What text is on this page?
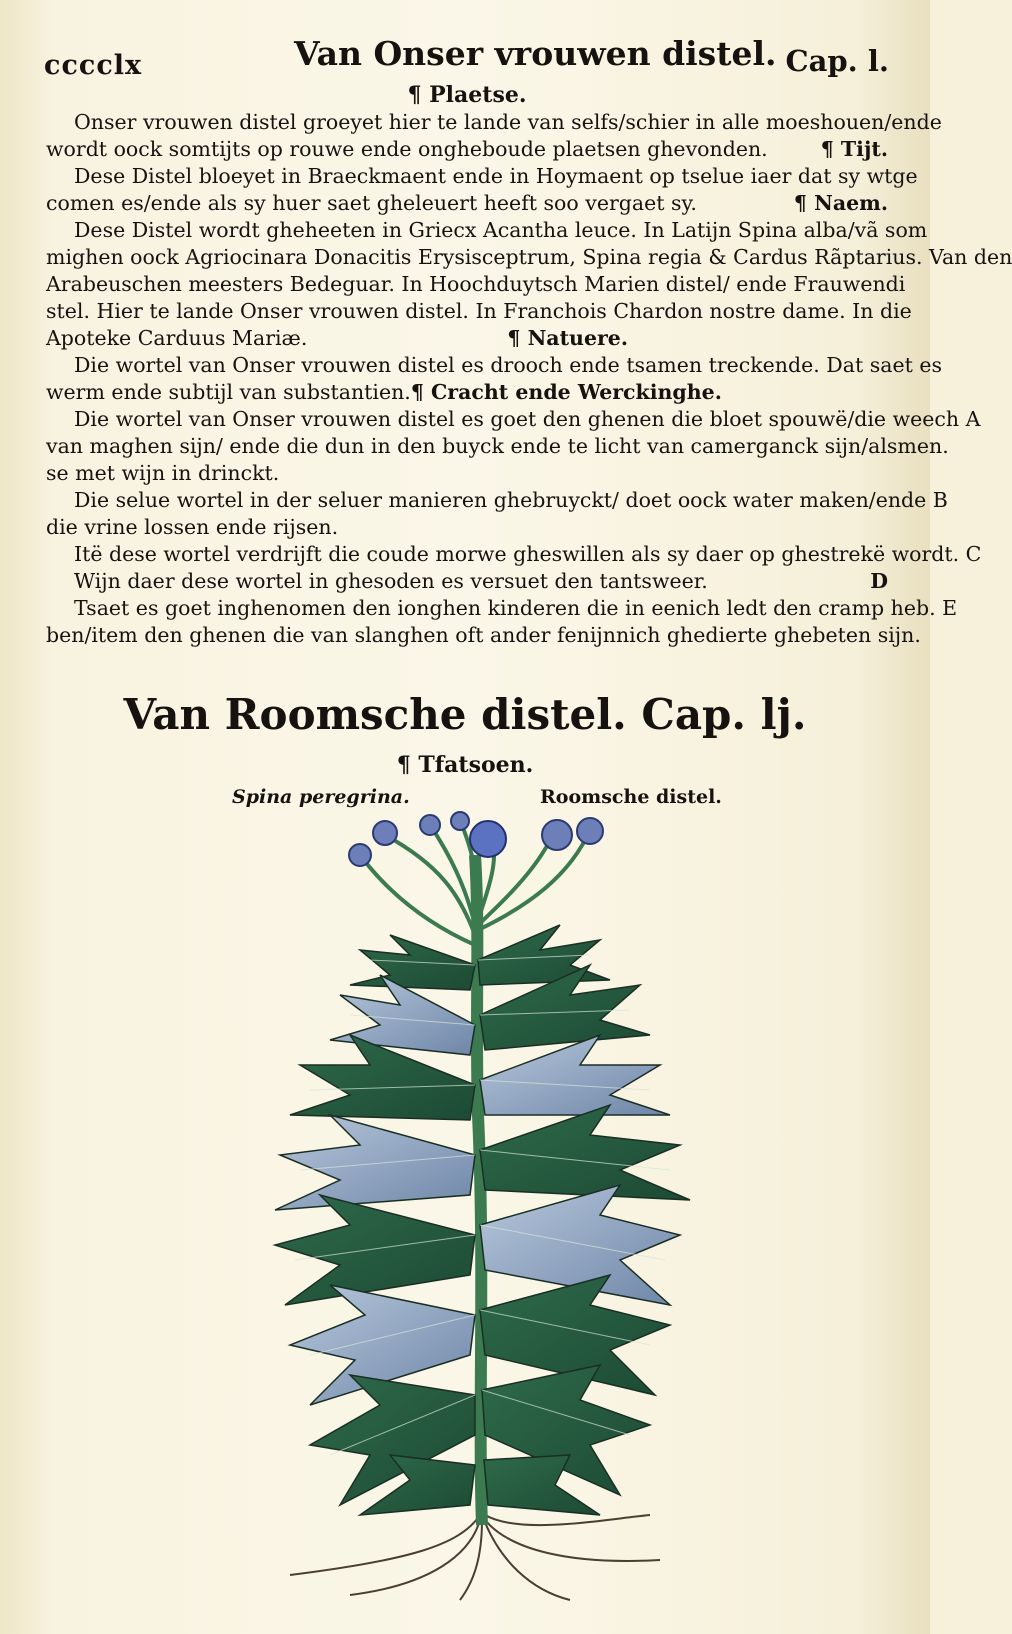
cccclx	Van Onser vrouwen distel. Cap. l.
¶ Plaetse.
Onser vrouwen distel groeyet hier te lande van selfs/schier in alle moeshouen/ende
wordt oock somtijts op rouwe ende ongheboude plaetsen ghevonden.	¶ Tijt.
Dese Distel bloeyet in Braeckmaent ende in Hoymaent op tselue iaer dat sy wtge
comen es/ende als sy huer saet gheleuert heeft soo vergaet sy.	¶ Naem.
Dese Distel wordt gheheeten in Griecx Acantha leuce. In Latijn Spina alba/vã som
mighen oock Agriocinara Donacitis Erysisceptrum, Spina regia & Cardus Rãptarius. Van den
Arabeuschen meesters Bedeguar. In Hoochduytsch Marien distel/ ende Frauwendi
stel. Hier te lande Onser vrouwen distel. In Franchois Chardon nostre dame. In die
Apoteke Carduus Mariæ.	¶ Natuere.
Die wortel van Onser vrouwen distel es drooch ende tsamen treckende. Dat saet es
werm ende subtijl van substantien. ¶ Cracht ende Werckinghe.
Die wortel van Onser vrouwen distel es goet den ghenen die bloet spouwë/die weech A
van maghen sijn/ ende die dun in den buyck ende te licht van camerganck sijn/alsmen.
se met wijn in drinckt.
Die selue wortel in der seluer manieren ghebruyckt/ doet oock water maken/ende B
die vrine lossen ende rijsen.
Itë dese wortel verdrijft die coude morwe gheswillen als sy daer op ghestrekë wordt. C
Wijn daer dese wortel in ghesoden es versuet den tantsweer.	D
Tsaet es goet inghenomen den ionghen kinderen die in eenich ledt den cramp heb. E
ben/item den ghenen die van slanghen oft ander fenijnnich ghedierte ghebeten sijn.
Van Roomsche distel. Cap. lj.
¶ Tfatsoen.
Spina peregrina.	Roomsche distel.
